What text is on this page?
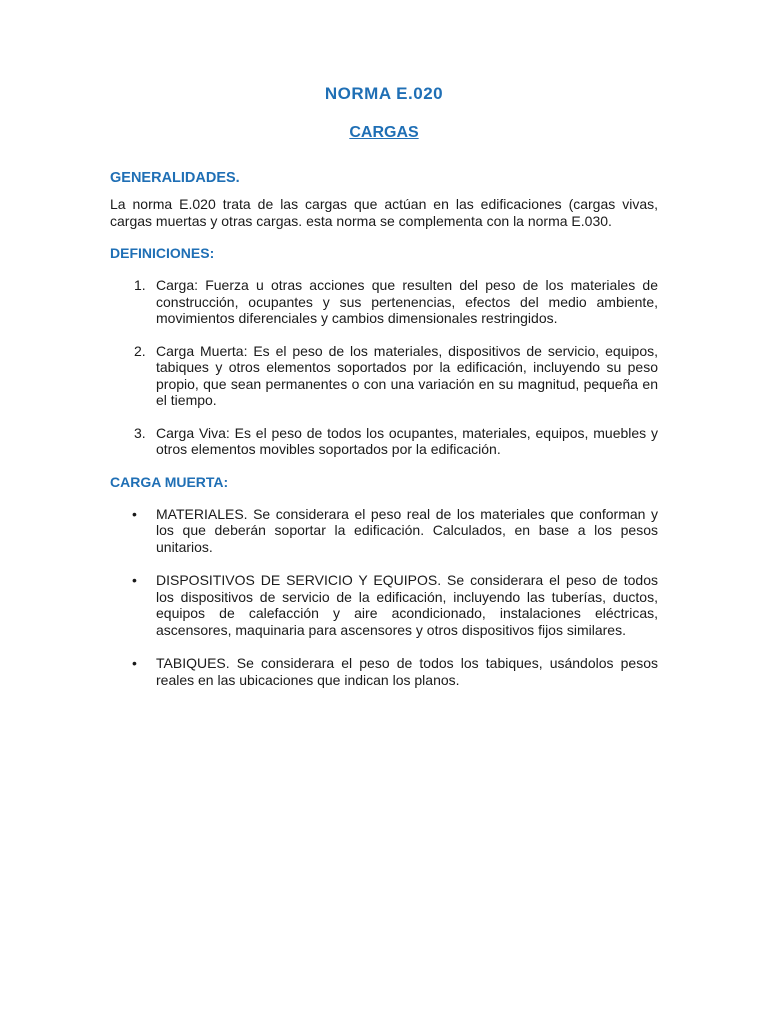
NORMA E.020
CARGAS
GENERALIDADES.

La norma E.020 trata de las cargas que actúan en las edificaciones (cargas vivas, cargas muertas y otras cargas. esta norma se complementa con la norma E.030.

DEFINICIONES:
1. Carga: Fuerza u otras acciones que resulten del peso de los materiales de construcción, ocupantes y sus pertenencias, efectos del medio ambiente, movimientos diferenciales y cambios dimensionales restringidos.
2. Carga Muerta: Es el peso de los materiales, dispositivos de servicio, equipos, tabiques y otros elementos soportados por la edificación, incluyendo su peso propio, que sean permanentes o con una variación en su magnitud, pequeña en el tiempo.
3. Carga Viva: Es el peso de todos los ocupantes, materiales, equipos, muebles y otros elementos movibles soportados por la edificación.
CARGA MUERTA:
• MATERIALES. Se considerara el peso real de los materiales que conforman y los que deberán soportar la edificación. Calculados, en base a los pesos unitarios.
• DISPOSITIVOS DE SERVICIO Y EQUIPOS. Se considerara el peso de todos los dispositivos de servicio de la edificación, incluyendo las tuberías, ductos, equipos de calefacción y aire acondicionado, instalaciones eléctricas, ascensores, maquinaria para ascensores y otros dispositivos fijos similares.
• TABIQUES. Se considerara el peso de todos los tabiques, usándolos pesos reales en las ubicaciones que indican los planos.
